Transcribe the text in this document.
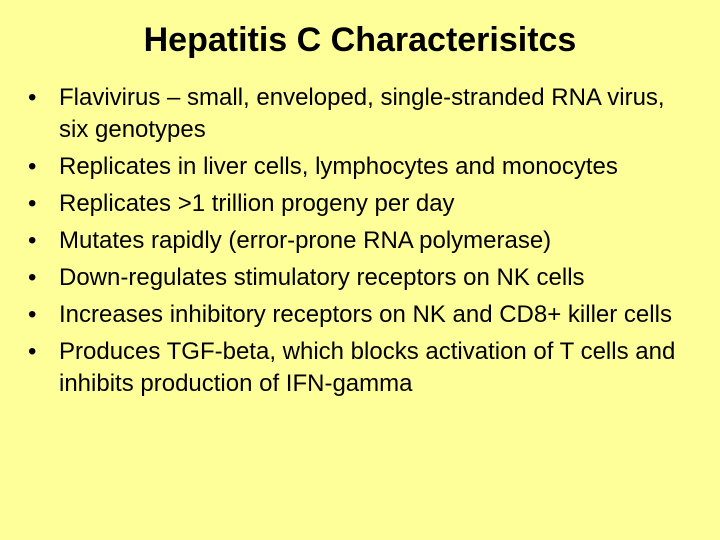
Hepatitis C Characterisitcs
• Flavivirus – small, enveloped, single-stranded RNA virus, six genotypes
• Replicates in liver cells, lymphocytes and monocytes
• Replicates >1 trillion progeny per day
• Mutates rapidly (error-prone RNA polymerase)
• Down-regulates stimulatory receptors on NK cells
• Increases inhibitory receptors on NK and CD8+ killer cells
• Produces TGF-beta, which blocks activation of T cells and inhibits production of IFN-gamma
